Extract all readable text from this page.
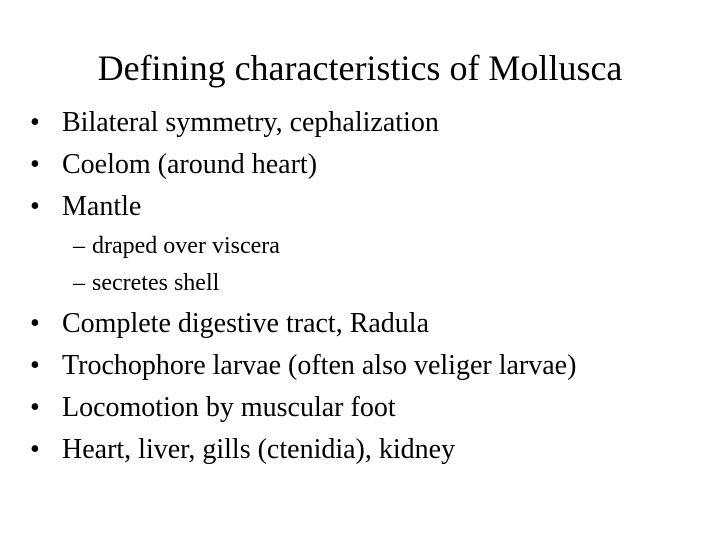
Defining characteristics of Mollusca
• Bilateral symmetry, cephalization
• Coelom (around heart)
• Mantle
– draped over viscera
– secretes shell
• Complete digestive tract, Radula
• Trochophore larvae (often also veliger larvae)
• Locomotion by muscular foot
• Heart, liver, gills (ctenidia), kidney
